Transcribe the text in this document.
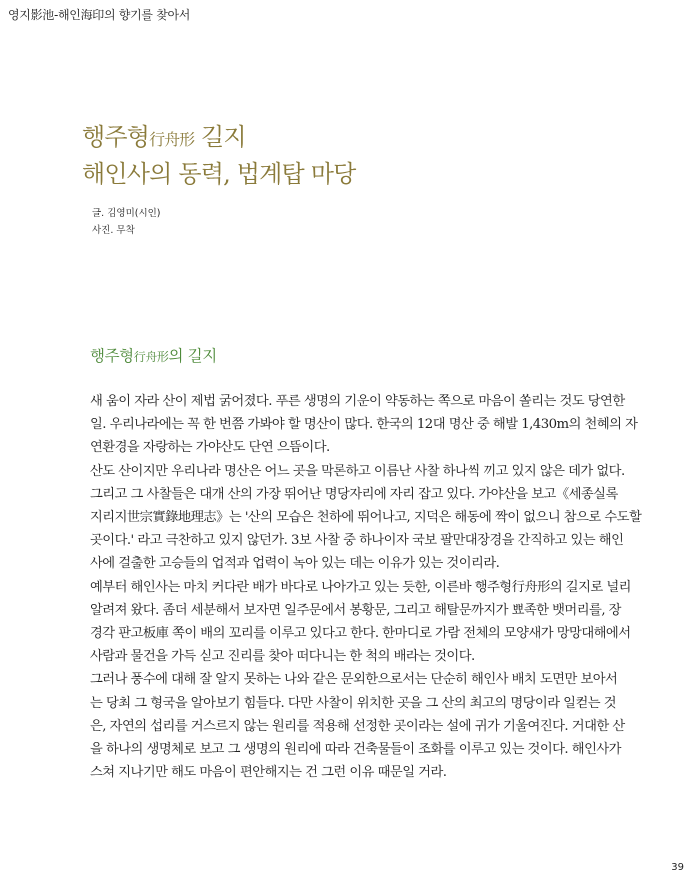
영지影池-해인海印의 향기를 찾아서
행주형行舟形 길지
해인사의 동력, 법계탑 마당
글. 김영미(시인)
사진. 무착
행주형行舟形의 길지
새 움이 자라 산이 제법 굵어졌다. 푸른 생명의 기운이 약동하는 쪽으로 마음이 쏠리는 것도 당연한
일. 우리나라에는 꼭 한 번쯤 가봐야 할 명산이 많다. 한국의 12대 명산 중 해발 1,430m의 천혜의 자
연환경을 자랑하는 가야산도 단연 으뜸이다.
산도 산이지만 우리나라 명산은 어느 곳을 막론하고 이름난 사찰 하나씩 끼고 있지 않은 데가 없다.
그리고 그 사찰들은 대개 산의 가장 뛰어난 명당자리에 자리 잡고 있다. 가야산을 보고《세종실록
지리지世宗實錄地理志》는 '산의 모습은 천하에 뛰어나고, 지덕은 해동에 짝이 없으니 참으로 수도할
곳이다.' 라고 극찬하고 있지 않던가. 3보 사찰 중 하나이자 국보 팔만대장경을 간직하고 있는 해인
사에 걸출한 고승들의 업적과 업력이 녹아 있는 데는 이유가 있는 것이리라.
예부터 해인사는 마치 커다란 배가 바다로 나아가고 있는 듯한, 이른바 행주형行舟形의 길지로 널리
알려져 왔다. 좀더 세분해서 보자면 일주문에서 봉황문, 그리고 해탈문까지가 뾰족한 뱃머리를, 장
경각 판고板庫 쪽이 배의 꼬리를 이루고 있다고 한다. 한마디로 가람 전체의 모양새가 망망대해에서
사람과 물건을 가득 싣고 진리를 찾아 떠다니는 한 척의 배라는 것이다.
그러나 풍수에 대해 잘 알지 못하는 나와 같은 문외한으로서는 단순히 해인사 배치 도면만 보아서
는 당최 그 형국을 알아보기 힘들다. 다만 사찰이 위치한 곳을 그 산의 최고의 명당이라 일컫는 것
은, 자연의 섭리를 거스르지 않는 원리를 적용해 선정한 곳이라는 설에 귀가 기울여진다. 거대한 산
을 하나의 생명체로 보고 그 생명의 원리에 따라 건축물들이 조화를 이루고 있는 것이다. 해인사가
스쳐 지나기만 해도 마음이 편안해지는 건 그런 이유 때문일 거라.
39
